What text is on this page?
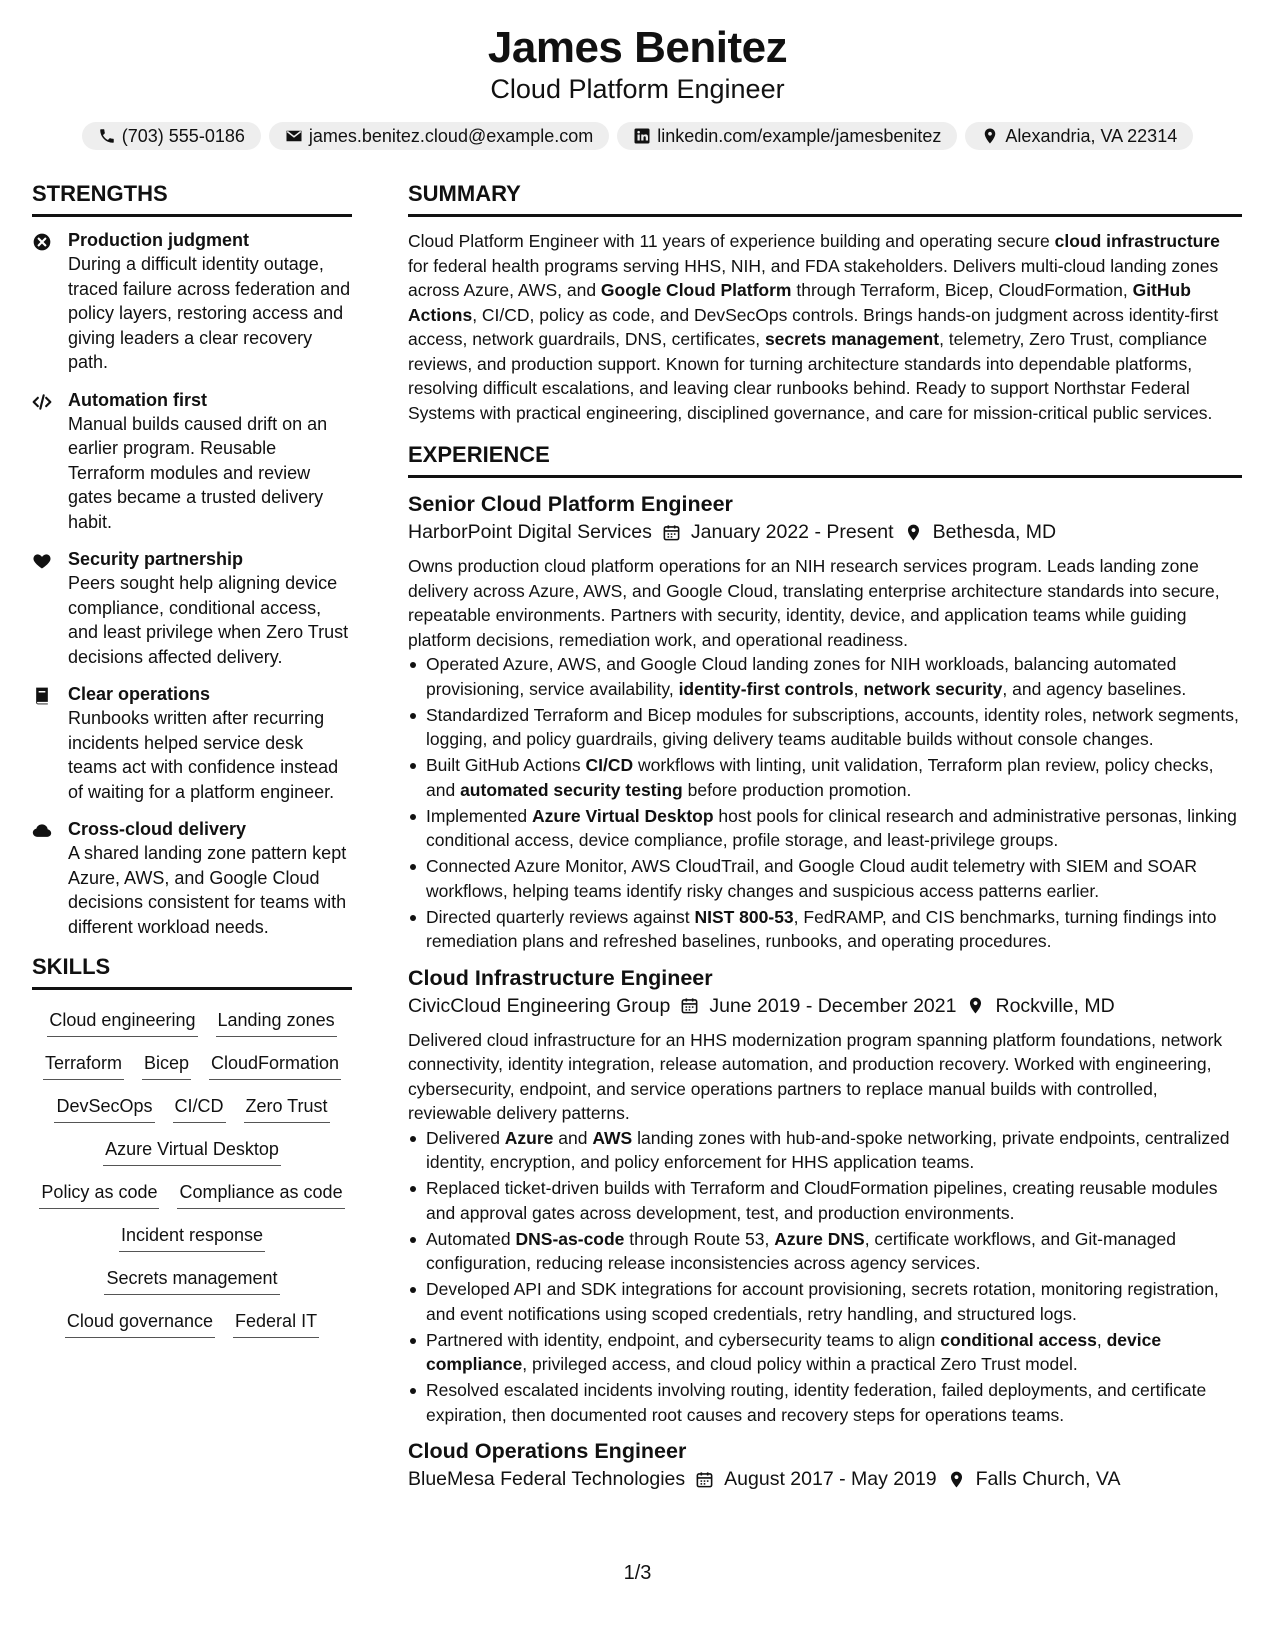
James Benitez
Cloud Platform Engineer
(703) 555-0186	james.benitez.cloud@example.com	linkedin.com/example/jamesbenitez	Alexandria, VA 22314
STRENGTHS
Production judgment
During a difficult identity outage, traced failure across federation and policy layers, restoring access and giving leaders a clear recovery path.
Automation first
Manual builds caused drift on an earlier program. Reusable Terraform modules and review gates became a trusted delivery habit.
Security partnership
Peers sought help aligning device compliance, conditional access, and least privilege when Zero Trust decisions affected delivery.
Clear operations
Runbooks written after recurring incidents helped service desk teams act with confidence instead of waiting for a platform engineer.
Cross-cloud delivery
A shared landing zone pattern kept Azure, AWS, and Google Cloud decisions consistent for teams with different workload needs.
SKILLS
Cloud engineering Landing zones
Terraform Bicep CloudFormation
DevSecOps CI/CD Zero Trust
Azure Virtual Desktop
Policy as code Compliance as code
Incident response
Secrets management
Cloud governance Federal IT
SUMMARY
Cloud Platform Engineer with 11 years of experience building and operating secure cloud infrastructure for federal health programs serving HHS, NIH, and FDA stakeholders. Delivers multi-cloud landing zones across Azure, AWS, and Google Cloud Platform through Terraform, Bicep, CloudFormation, GitHub Actions, CI/CD, policy as code, and DevSecOps controls. Brings hands-on judgment across identity-first access, network guardrails, DNS, certificates, secrets management, telemetry, Zero Trust, compliance reviews, and production support. Known for turning architecture standards into dependable platforms, resolving difficult escalations, and leaving clear runbooks behind. Ready to support Northstar Federal Systems with practical engineering, disciplined governance, and care for mission-critical public services.
EXPERIENCE
Senior Cloud Platform Engineer
HarborPoint Digital Services January 2022 - Present Bethesda, MD
Owns production cloud platform operations for an NIH research services program. Leads landing zone delivery across Azure, AWS, and Google Cloud, translating enterprise architecture standards into secure, repeatable environments. Partners with security, identity, device, and application teams while guiding platform decisions, remediation work, and operational readiness.
Operated Azure, AWS, and Google Cloud landing zones for NIH workloads, balancing automated provisioning, service availability, identity-first controls, network security, and agency baselines.
Standardized Terraform and Bicep modules for subscriptions, accounts, identity roles, network segments, logging, and policy guardrails, giving delivery teams auditable builds without console changes.
Built GitHub Actions CI/CD workflows with linting, unit validation, Terraform plan review, policy checks, and automated security testing before production promotion.
Implemented Azure Virtual Desktop host pools for clinical research and administrative personas, linking conditional access, device compliance, profile storage, and least-privilege groups.
Connected Azure Monitor, AWS CloudTrail, and Google Cloud audit telemetry with SIEM and SOAR workflows, helping teams identify risky changes and suspicious access patterns earlier.
Directed quarterly reviews against NIST 800-53, FedRAMP, and CIS benchmarks, turning findings into remediation plans and refreshed baselines, runbooks, and operating procedures.
Cloud Infrastructure Engineer
CivicCloud Engineering Group June 2019 - December 2021 Rockville, MD
Delivered cloud infrastructure for an HHS modernization program spanning platform foundations, network connectivity, identity integration, release automation, and production recovery. Worked with engineering, cybersecurity, endpoint, and service operations partners to replace manual builds with controlled, reviewable delivery patterns.
Delivered Azure and AWS landing zones with hub-and-spoke networking, private endpoints, centralized identity, encryption, and policy enforcement for HHS application teams.
Replaced ticket-driven builds with Terraform and CloudFormation pipelines, creating reusable modules and approval gates across development, test, and production environments.
Automated DNS-as-code through Route 53, Azure DNS, certificate workflows, and Git-managed configuration, reducing release inconsistencies across agency services.
Developed API and SDK integrations for account provisioning, secrets rotation, monitoring registration, and event notifications using scoped credentials, retry handling, and structured logs.
Partnered with identity, endpoint, and cybersecurity teams to align conditional access, device compliance, privileged access, and cloud policy within a practical Zero Trust model.
Resolved escalated incidents involving routing, identity federation, failed deployments, and certificate expiration, then documented root causes and recovery steps for operations teams.
Cloud Operations Engineer
BlueMesa Federal Technologies August 2017 - May 2019 Falls Church, VA
1/3
